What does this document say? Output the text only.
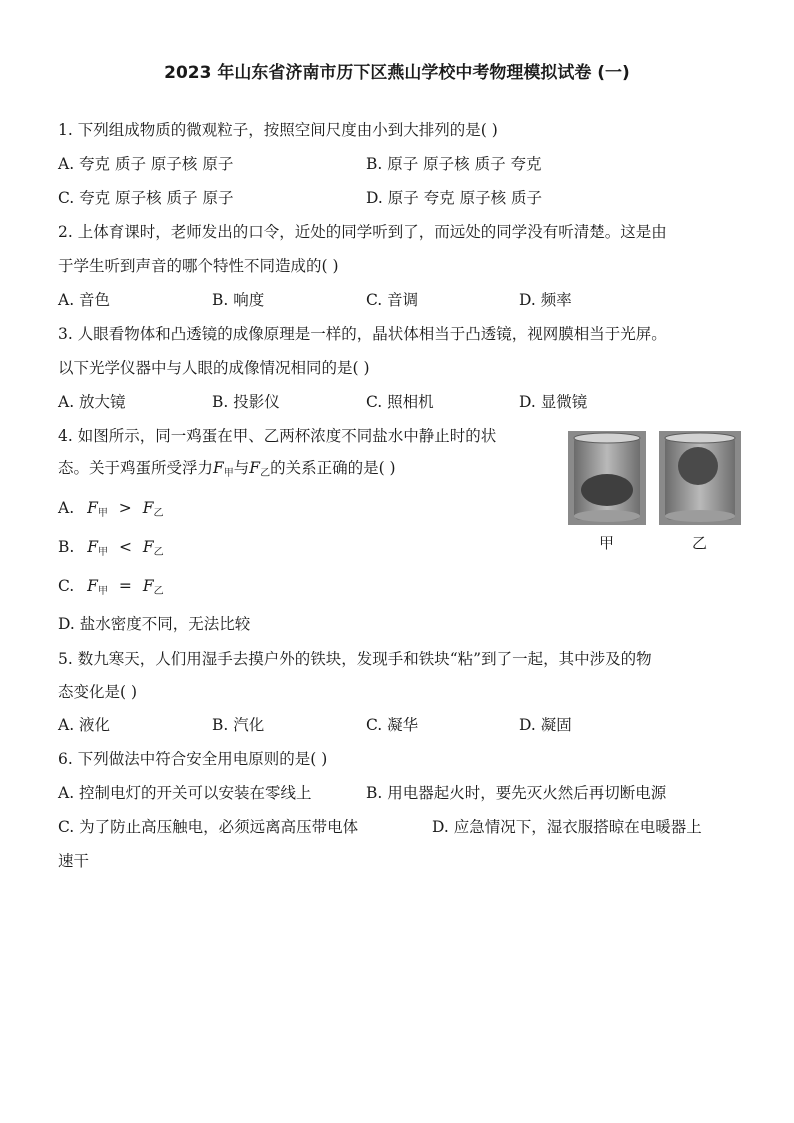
2023 年山东省济南市历下区燕山学校中考物理模拟试卷 (一)
1. 下列组成物质的微观粒子，按照空间尺度由小到大排列的是( )
A. 夸克 质子 原子核 原子	B. 原子 原子核 质子 夸克
C. 夸克 原子核 质子 原子	D. 原子 夸克 原子核 质子
2. 上体育课时，老师发出的口令，近处的同学听到了，而远处的同学没有听清楚。这是由
于学生听到声音的哪个特性不同造成的( )
A. 音色	B. 响度	C. 音调	D. 频率
3. 人眼看物体和凸透镜的成像原理是一样的，晶状体相当于凸透镜，视网膜相当于光屏。
以下光学仪器中与人眼的成像情况相同的是( )
A. 放大镜	B. 投影仪	C. 照相机	D. 显微镜
4. 如图所示，同一鸡蛋在甲、乙两杯浓度不同盐水中静止时的状
态。关于鸡蛋所受浮力$F_甲$与$F_乙$的关系正确的是( )
A. $F_甲 > F_乙$
B. $F_甲 < F_乙$
C. $F_甲 = F_乙$
D. 盐水密度不同，无法比较
甲	乙
5. 数九寒天，人们用湿手去摸户外的铁块，发现手和铁块“粘”到了一起，其中涉及的物
态变化是( )
A. 液化	B. 汽化	C. 凝华	D. 凝固
6. 下列做法中符合安全用电原则的是( )
A. 控制电灯的开关可以安装在零线上	B. 用电器起火时，要先灭火然后再切断电源
C. 为了防止高压触电，必须远离高压带电体	D. 应急情况下，湿衣服搭晾在电暖器上
速干
